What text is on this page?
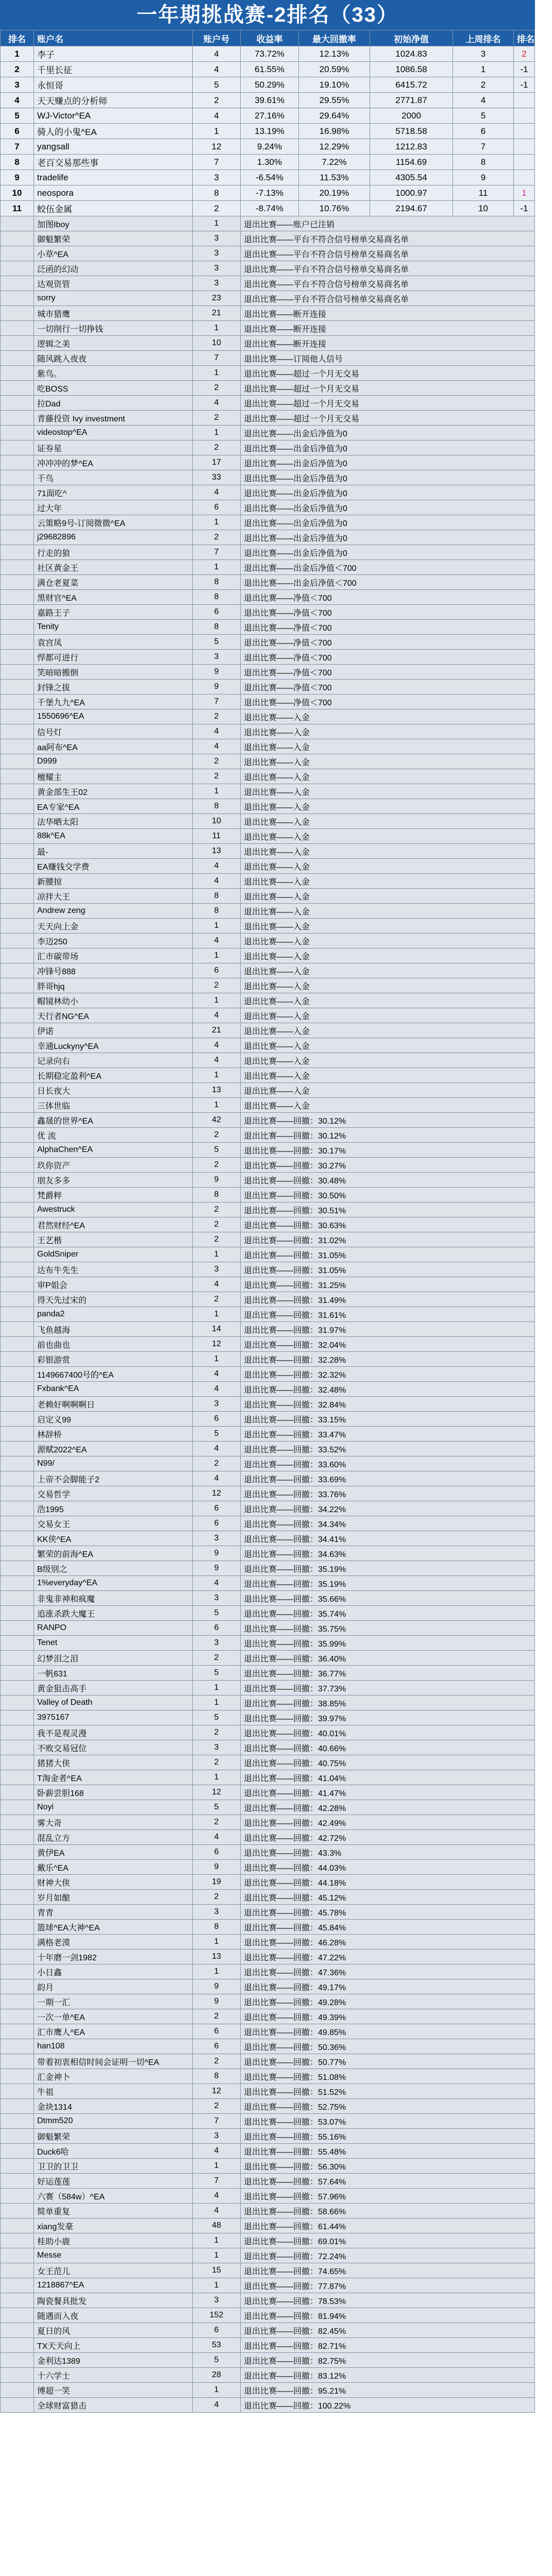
一年期挑战赛-2排名（33）
排名	账户名	账户号	收益率	最大回撤率	初始净值	上周排名	排名升降
1	李子	4	73.72%	12.13%	1024.83	3	2
2	千里长征	4	61.55%	20.59%	1086.58	1	-1
3	永恒哥	5	50.29%	19.10%	6415.72	2	-1
4	天天赚点的分析师	2	39.61%	29.55%	2771.87	4	
5	WJ-Victor^EA	4	27.16%	29.64%	2000	5	
6	骑人的小鬼^EA	1	13.19%	16.98%	5718.58	6	
7	yangsall	12	9.24%	12.29%	1212.83	7	
8	老百交易那些事	7	1.30%	7.22%	1154.69	8	
9	tradelife	3	-6.54%	11.53%	4305.54	9	
10	neospora	8	-7.13%	20.19%	1000.97	11	1
11	蛟伍金属	2	-8.74%	10.76%	2194.67	10	-1
	加图Iboy	1	退出比赛——账户已注销				
	御魁繁荣	3	退出比赛——平台不符合信号榜单交易商名单				
	小草^EA	3	退出比赛——平台不符合信号榜单交易商名单				
	泛函的幻动	3	退出比赛——平台不符合信号榜单交易商名单				
	达观资管	3	退出比赛——平台不符合信号榜单交易商名单				
	sorry	23	退出比赛——平台不符合信号榜单交易商名单				
	城市猎鹰	21	退出比赛——断开连接				
	一切削行一切挣钱	1	退出比赛——断开连接				
	逻辑之美	10	退出比赛——断开连接				
	随风跳入夜夜	7	退出比赛——订阅他人信号				
	紫鸟。	1	退出比赛——超过一个月无交易				
	吃BOSS	2	退出比赛——超过一个月无交易				
	拉Dad	4	退出比赛——超过一个月无交易				
	青藤投资 Ivy investment	2	退出比赛——超过一个月无交易				
	videostop^EA	1	退出比赛——出金后净值为0				
	证券星	2	退出比赛——出金后净值为0				
	冲冲冲的梦^EA	17	退出比赛——出金后净值为0				
	千鸟	33	退出比赛——出金后净值为0				
	71面吃^	4	退出比赛——出金后净值为0				
	过大年	6	退出比赛——出金后净值为0				
	云策略9号-订阅微微^EA	1	退出比赛——出金后净值为0				
	j29682896	2	退出比赛——出金后净值为0				
	行走的狼	7	退出比赛——出金后净值为0				
	社区黄金王	1	退出比赛——出金后净值＜700				
	满仓老夏菜	8	退出比赛——出金后净值＜700				
	黑财官^EA	8	退出比赛——净值＜700				
	嘉路王子	6	退出比赛——净值＜700				
	Tenity	8	退出比赛——净值＜700				
	袁宫凤	5	退出比赛——净值＜700				
	悍都可进行	3	退出比赛——净值＜700				
	笑暗暗搬倒	9	退出比赛——净值＜700				
	封锋之拔	9	退出比赛——净值＜700				
	千堡九九^EA	7	退出比赛——净值＜700				
	1550696^EA	2	退出比赛——入金				
	信号灯	4	退出比赛——入金				
	aa阿布^EA	4	退出比赛——入金				
	D999	2	退出比赛——入金				
	檀耀主	2	退出比赛——入金				
	黄金部生王02	1	退出比赛——入金				
	EA专家^EA	8	退出比赛——入金				
	法华晒太阳	10	退出比赛——入金				
	88k^EA	11	退出比赛——入金				
	最-	13	退出比赛——入金				
	EA赚钱交学费	4	退出比赛——入金				
	新腰掠	4	退出比赛——入金				
	凉拌大王	8	退出比赛——入金				
	Andrew zeng	8	退出比赛——入金				
	天天向上金	1	退出比赛——入金				
	李迈250	4	退出比赛——入金				
	汇市碳带场	1	退出比赛——入金				
	冲锋号888	6	退出比赛——入金				
	胖哥hjq	2	退出比赛——入金				
	帽镜林幼小	1	退出比赛——入金				
	天行者NG^EA	4	退出比赛——入金				
	伊诺	21	退出比赛——入金				
	幸通Luckyny^EA	4	退出比赛——入金				
	记录向右	4	退出比赛——入金				
	长期稳定盈利^EA	1	退出比赛——入金				
	日长夜大	13	退出比赛——入金				
	三体世临	1	退出比赛——入金				
	鑫晟的世界^EA	42	退出比赛——回撤：30.12%				
	优 流	2	退出比赛——回撤：30.12%				
	AlphaChen^EA	5	退出比赛——回撤：30.17%				
	玖你资产	2	退出比赛——回撤：30.27%				
	朋友多多	9	退出比赛——回撤：30.48%				
	梵爵粹	8	退出比赛——回撤：30.50%				
	Awestruck	2	退出比赛——回撤：30.51%				
	君然财经^EA	2	退出比赛——回撤：30.63%				
	王艺楷	2	退出比赛——回撤：31.02%				
	GoldSniper	1	退出比赛——回撤：31.05%				
	达布牛先生	3	退出比赛——回撤：31.05%				
	审P姐会	4	退出比赛——回撤：31.25%				
	得天先过宋的	2	退出比赛——回撤：31.49%				
	panda2	1	退出比赛——回撤：31.61%				
	飞鱼越海	14	退出比赛——回撤：31.97%				
	前也曲也	12	退出比赛——回撤：32.04%				
	彩银游赏	1	退出比赛——回撤：32.28%				
	1149667400号的^EA	4	退出比赛——回撤：32.32%				
	Fxbank^EA	4	退出比赛——回撤：32.48%				
	老赖好啊啊啊日	3	退出比赛——回撤：32.84%				
	启定义99	6	退出比赛——回撤：33.15%				
	林辞桥	5	退出比赛——回撤：33.47%				
	源赋2022^EA	4	退出比赛——回撤：33.52%				
	N99/	2	退出比赛——回撤：33.60%				
	上帝不会脚能子2	4	退出比赛——回撤：33.69%				
	交易哲学	12	退出比赛——回撤：33.76%				
	浩1995	6	退出比赛——回撤：34.22%				
	交易女王	6	退出比赛——回撤：34.34%				
	KK侠^EA	3	退出比赛——回撤：34.41%				
	繁荣的前海^EA	9	退出比赛——回撤：34.63%				
	B级别之	9	退出比赛——回撤：35.19%				
	1%everyday^EA	4	退出比赛——回撤：35.19%				
	非鬼非神和疯魔	3	退出比赛——回撤：35.66%				
	追涨杀跌大魔王	5	退出比赛——回撤：35.74%				
	RANPO	6	退出比赛——回撤：35.75%				
	Tenet	3	退出比赛——回撤：35.99%				
	幻梦泪之泪	2	退出比赛——回撤：36.40%				
	一帆631	5	退出比赛——回撤：36.77%				
	黄金狙击高手	1	退出比赛——回撤：37.73%				
	Valley of Death	1	退出比赛——回撤：38.85%				
	3975167	5	退出比赛——回撤：39.97%				
	我不是观灵漫	2	退出比赛——回撤：40.01%				
	不败交易冠位	3	退出比赛——回撤：40.66%				
	猪猪大侠	2	退出比赛——回撤：40.75%				
	T淘金者^EA	1	退出比赛——回撤：41.04%				
	卧薪尝胆168	12	退出比赛——回撤：41.47%				
	Noyi	5	退出比赛——回撤：42.28%				
	雾大奇	2	退出比赛——回撤：42.49%				
	混乱立方	4	退出比赛——回撤：42.72%				
	黄伊EA	6	退出比赛——回撤：43.3%				
	戴乐^EA	9	退出比赛——回撤：44.03%				
	财神大侠	19	退出比赛——回撤：44.18%				
	岁月如酿	2	退出比赛——回撤：45.12%				
	青青	3	退出比赛——回撤：45.78%				
	篮球^EA大神^EA	8	退出比赛——回撤：45.84%				
	满格老漠	1	退出比赛——回撤：46.28%				
	十年磨一剑1982	13	退出比赛——回撤：47.22%				
	小日鑫	1	退出比赛——回撤：47.36%				
	韵月	9	退出比赛——回撤：49.17%				
	一期一汇	9	退出比赛——回撤：49.28%				
	一次一单^EA	2	退出比赛——回撤：49.39%				
	汇市鹰人^EA	6	退出比赛——回撤：49.85%				
	han108	6	退出比赛——回撤：50.36%				
	带着初衷相信时间会证明一切^EA	2	退出比赛——回撤：50.77%				
	汇金神卜	8	退出比赛——回撤：51.08%				
	牛祖	12	退出比赛——回撤：51.52%				
	金块1314	2	退出比赛——回撤：52.75%				
	Dtmm520	7	退出比赛——回撤：53.07%				
	御魁繁荣	3	退出比赛——回撤：55.16%				
	Duck6哈	4	退出比赛——回撤：55.48%				
	卫卫的卫卫	1	退出比赛——回撤：56.30%				
	好运莲莲	7	退出比赛——回撤：57.64%				
	六赛（584w）^EA	4	退出比赛——回撤：57.96%				
	简单重复	4	退出比赛——回撤：58.66%				
	xiang发豪	48	退出比赛——回撤：61.44%				
	桂助小鹿	1	退出比赛——回撤：69.01%				
	Messe	1	退出比赛——回撤：72.24%				
	女王范儿	15	退出比赛——回撤：74.65%				
	1218867^EA	1	退出比赛——回撤：77.87%				
	陶瓷餐具批发	3	退出比赛——回撤：78.53%				
	随遇而入夜	152	退出比赛——回撤：81.94%				
	夏日的风	6	退出比赛——回撤：82.45%				
	TX天天向上	53	退出比赛——回撤：82.71%				
	金利达1389	5	退出比赛——回撤：82.75%				
	十六学士	28	退出比赛——回撤：83.12%				
	博超一笑	1	退出比赛——回撤：95.21%				
	全球财富猎击	4	退出比赛——回撤：100.22%				
